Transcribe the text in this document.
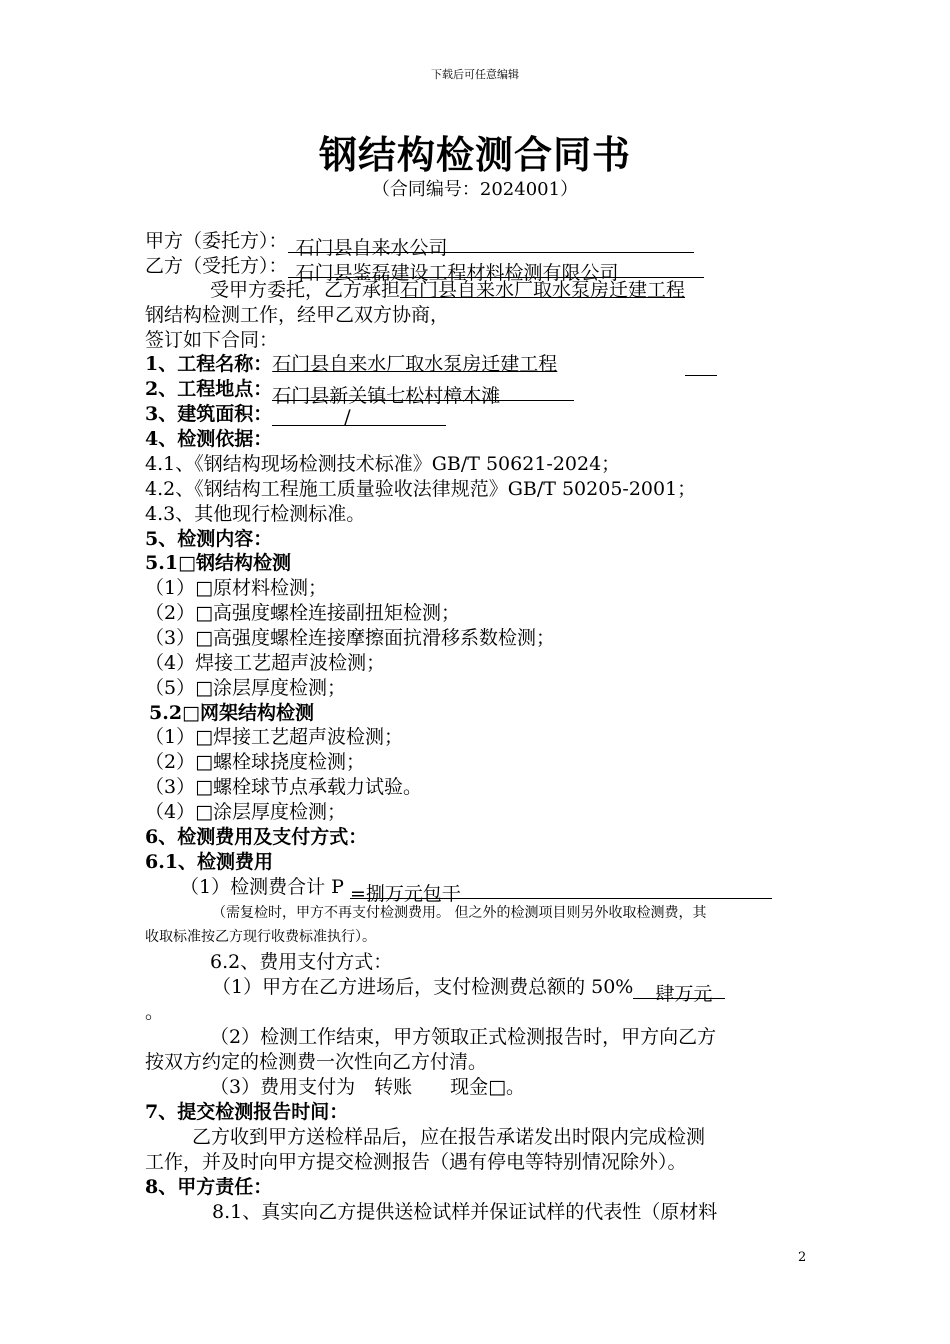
下载后可任意编辑
钢结构检测合同书
（合同编号：2024001）
甲方（委托方）： 石门县自来水公司
乙方（受托方）： 石门县鉴磊建设工程材料检测有限公司
受甲方委托，乙方承担石门县自来水厂取水泵房迁建工程
钢结构检测工作，经甲乙双方协商，
签订如下合同：
1、工程名称：石门县自来水厂取水泵房迁建工程
2、工程地点：石门县新关镇七松村樟木滩
3、建筑面积：	/
4、检测依据：
4.1、《钢结构现场检测技术标准》GB/T 50621-2024；
4.2、《钢结构工程施工质量验收法律规范》GB/T 50205-2001；
4.3、其他现行检测标准。
5、检测内容：
5.1□钢结构检测
（1）□原材料检测；
（2）□高强度螺栓连接副扭矩检测；
（3）□高强度螺栓连接摩擦面抗滑移系数检测；
（4）焊接工艺超声波检测；
（5）□涂层厚度检测；
5.2□网架结构检测
（1）□焊接工艺超声波检测；
（2）□螺栓球挠度检测；
（3）□螺栓球节点承载力试验。
（4）□涂层厚度检测；
6、检测费用及支付方式：
6.1、检测费用
（1）检测费合计 P =捌万元包干
（需复检时，甲方不再支付检测费用。 但之外的检测项目则另外收取检测费，其
收取标准按乙方现行收费标准执行）。
6.2、费用支付方式：
（1）甲方在乙方进场后，支付检测费总额的 50% 肆万元
。
（2）检测工作结束，甲方领取正式检测报告时，甲方向乙方
按双方约定的检测费一次性向乙方付清。
（3）费用支付为　转账　　现金□。
7、提交检测报告时间：
乙方收到甲方送检样品后，应在报告承诺发出时限内完成检测
工作，并及时向甲方提交检测报告（遇有停电等特别情况除外）。
8、甲方责任：
8.1、真实向乙方提供送检试样并保证试样的代表性（原材料
2
